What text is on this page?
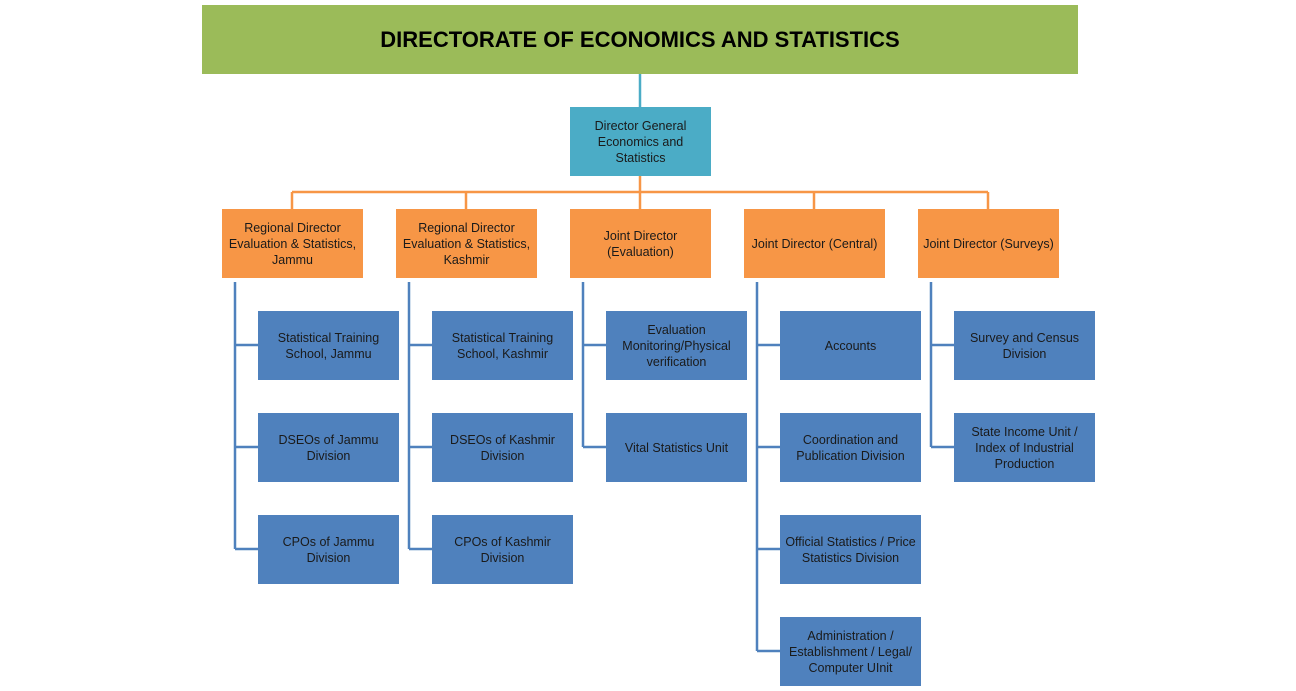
DIRECTORATE OF ECONOMICS AND STATISTICS
Director General Economics and Statistics
Regional Director Evaluation & Statistics, Jammu
Regional Director Evaluation & Statistics, Kashmir
Joint Director (Evaluation)
Joint Director (Central)	Joint Director (Surveys)
Statistical Training School, Jammu
DSEOs of Jammu Division
CPOs of Jammu Division
Statistical Training School, Kashmir
DSEOs of Kashmir Division
CPOs of Kashmir Division
Evaluation Monitoring/Physical verification
Vital Statistics Unit
Accounts
Coordination and Publication Division
Official Statistics / Price Statistics Division
Administration / Establishment / Legal/ Computer UInit
Survey and Census Division
State Income Unit / Index of Industrial Production
